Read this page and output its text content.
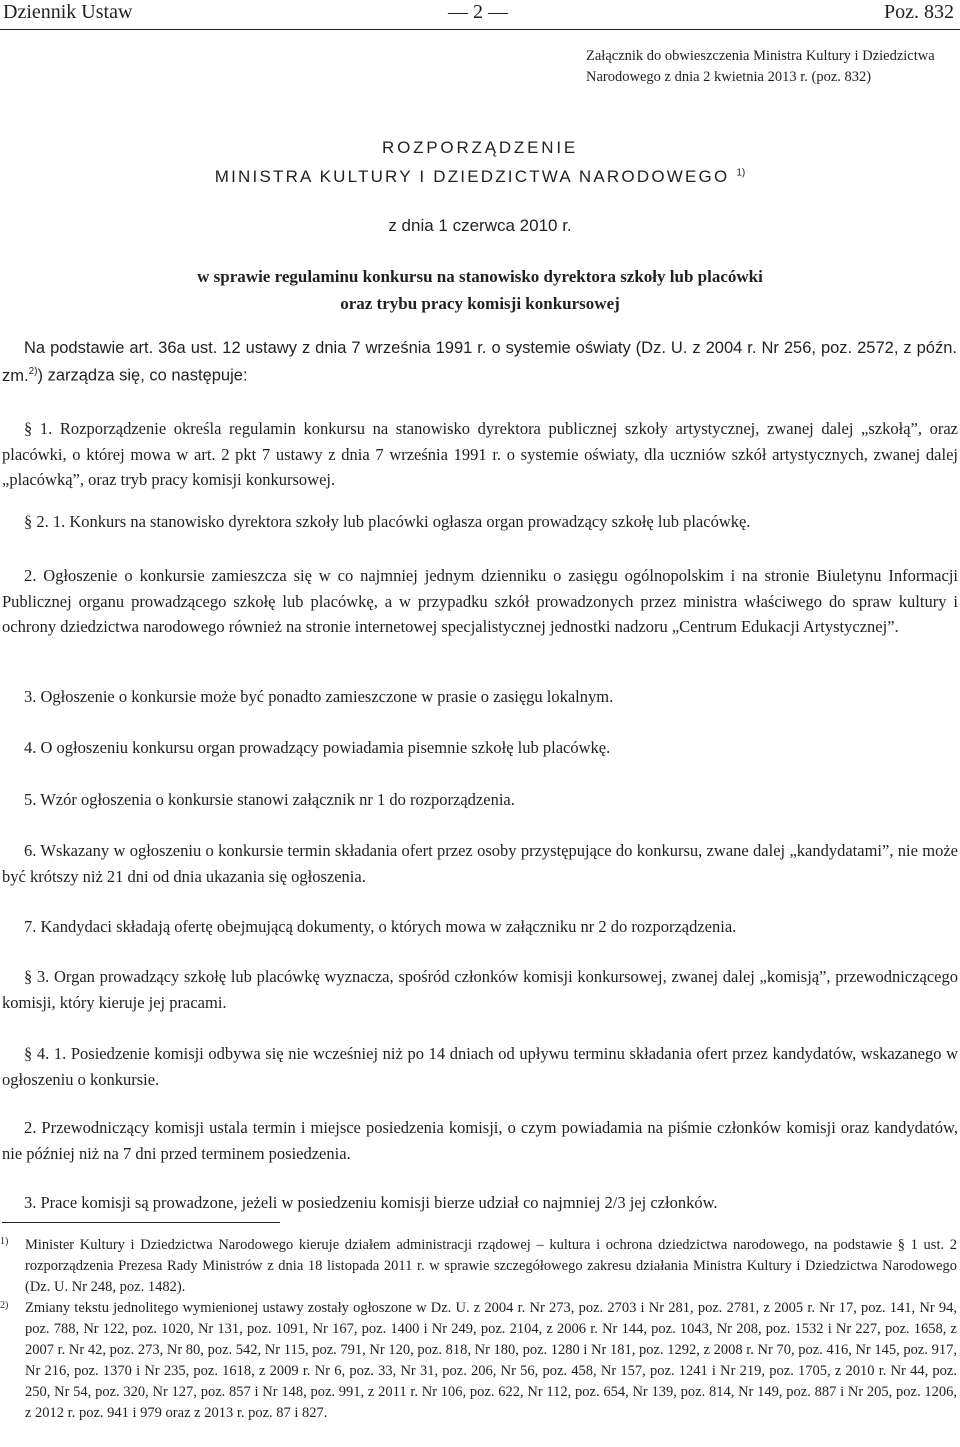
Dziennik Ustaw	— 2 —	Poz. 832
Załącznik do obwieszczenia Ministra Kultury i Dziedzictwa Narodowego z dnia 2 kwietnia 2013 r. (poz. 832)
ROZPORZĄDZENIE
MINISTRA KULTURY I DZIEDZICTWA NARODOWEGO $^{1)}$
z dnia 1 czerwca 2010 r.
w sprawie regulaminu konkursu na stanowisko dyrektora szkoły lub placówki
oraz trybu pracy komisji konkursowej
Na podstawie art. 36a ust. 12 ustawy z dnia 7 września 1991 r. o systemie oświaty (Dz. U. z 2004 r. Nr 256, poz. 2572, z późn. zm.$^{2)}$) zarządza się, co następuje:
§ 1. Rozporządzenie określa regulamin konkursu na stanowisko dyrektora publicznej szkoły artystycznej, zwanej dalej „szkołą”, oraz placówki, o której mowa w art. 2 pkt 7 ustawy z dnia 7 września 1991 r. o systemie oświaty, dla uczniów szkół artystycznych, zwanej dalej „placówką”, oraz tryb pracy komisji konkursowej.
§ 2. 1. Konkurs na stanowisko dyrektora szkoły lub placówki ogłasza organ prowadzący szkołę lub placówkę.
2. Ogłoszenie o konkursie zamieszcza się w co najmniej jednym dzienniku o zasięgu ogólnopolskim i na stronie Biuletynu Informacji Publicznej organu prowadzącego szkołę lub placówkę, a w przypadku szkół prowadzonych przez ministra właściwego do spraw kultury i ochrony dziedzictwa narodowego również na stronie internetowej specjalistycznej jednostki nadzoru „Centrum Edukacji Artystycznej”.
3. Ogłoszenie o konkursie może być ponadto zamieszczone w prasie o zasięgu lokalnym.
4. O ogłoszeniu konkursu organ prowadzący powiadamia pisemnie szkołę lub placówkę.
5. Wzór ogłoszenia o konkursie stanowi załącznik nr 1 do rozporządzenia.
6. Wskazany w ogłoszeniu o konkursie termin składania ofert przez osoby przystępujące do konkursu, zwane dalej „kandydatami”, nie może być krótszy niż 21 dni od dnia ukazania się ogłoszenia.
7. Kandydaci składają ofertę obejmującą dokumenty, o których mowa w załączniku nr 2 do rozporządzenia.
§ 3. Organ prowadzący szkołę lub placówkę wyznacza, spośród członków komisji konkursowej, zwanej dalej „komisją”, przewodniczącego komisji, który kieruje jej pracami.
§ 4. 1. Posiedzenie komisji odbywa się nie wcześniej niż po 14 dniach od upływu terminu składania ofert przez kandydatów, wskazanego w ogłoszeniu o konkursie.
2. Przewodniczący komisji ustala termin i miejsce posiedzenia komisji, o czym powiadamia na piśmie członków komisji oraz kandydatów, nie później niż na 7 dni przed terminem posiedzenia.
3. Prace komisji są prowadzone, jeżeli w posiedzeniu komisji bierze udział co najmniej 2/3 jej członków.
1) Minister Kultury i Dziedzictwa Narodowego kieruje działem administracji rządowej – kultura i ochrona dziedzictwa narodowego, na podstawie § 1 ust. 2 rozporządzenia Prezesa Rady Ministrów z dnia 18 listopada 2011 r. w sprawie szczegółowego zakresu działania Ministra Kultury i Dziedzictwa Narodowego (Dz. U. Nr 248, poz. 1482).
2) Zmiany tekstu jednolitego wymienionej ustawy zostały ogłoszone w Dz. U. z 2004 r. Nr 273, poz. 2703 i Nr 281, poz. 2781, z 2005 r. Nr 17, poz. 141, Nr 94, poz. 788, Nr 122, poz. 1020, Nr 131, poz. 1091, Nr 167, poz. 1400 i Nr 249, poz. 2104, z 2006 r. Nr 144, poz. 1043, Nr 208, poz. 1532 i Nr 227, poz. 1658, z 2007 r. Nr 42, poz. 273, Nr 80, poz. 542, Nr 115, poz. 791, Nr 120, poz. 818, Nr 180, poz. 1280 i Nr 181, poz. 1292, z 2008 r. Nr 70, poz. 416, Nr 145, poz. 917, Nr 216, poz. 1370 i Nr 235, poz. 1618, z 2009 r. Nr 6, poz. 33, Nr 31, poz. 206, Nr 56, poz. 458, Nr 157, poz. 1241 i Nr 219, poz. 1705, z 2010 r. Nr 44, poz. 250, Nr 54, poz. 320, Nr 127, poz. 857 i Nr 148, poz. 991, z 2011 r. Nr 106, poz. 622, Nr 112, poz. 654, Nr 139, poz. 814, Nr 149, poz. 887 i Nr 205, poz. 1206, z 2012 r. poz. 941 i 979 oraz z 2013 r. poz. 87 i 827.
